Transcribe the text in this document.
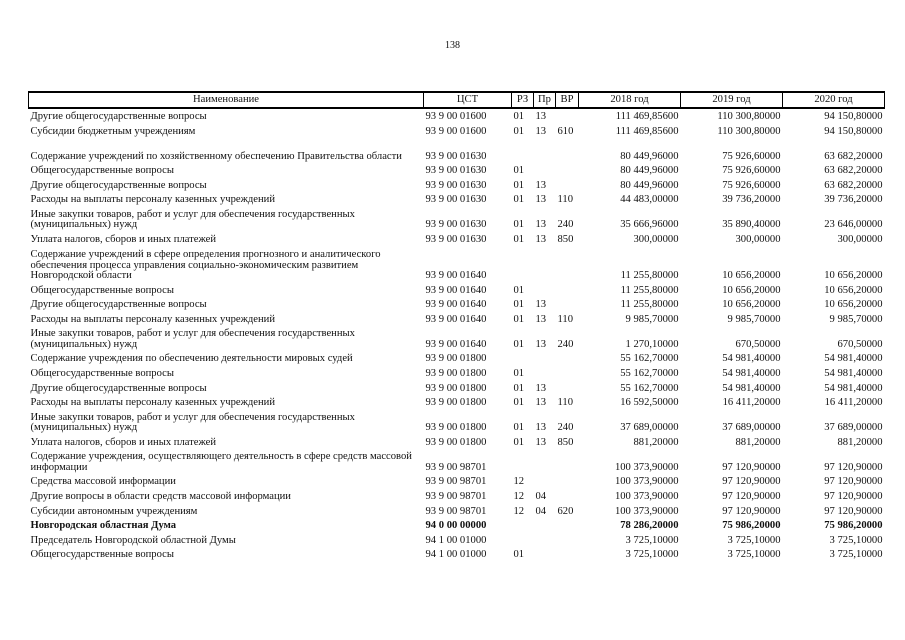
138
Наименование	ЦСТ	РЗ	Пр	ВР	2018 год	2019 год	2020 год
Другие общегосударственные вопросы	93 9 00 01600	01	13		111 469,85600	110 300,80000	94 150,80000
Субсидии бюджетным учреждениям	93 9 00 01600	01	13	610	111 469,85600	110 300,80000	94 150,80000
Содержание учреждений по хозяйственному обеспечению Правительства области	93 9 00 01630				80 449,96000	75 926,60000	63 682,20000
Общегосударственные вопросы	93 9 00 01630	01			80 449,96000	75 926,60000	63 682,20000
Другие общегосударственные вопросы	93 9 00 01630	01	13		80 449,96000	75 926,60000	63 682,20000
Расходы на выплаты персоналу казенных учреждений	93 9 00 01630	01	13	110	44 483,00000	39 736,20000	39 736,20000
Иные закупки товаров, работ и услуг для обеспечения государственных (муниципальных) нужд	93 9 00 01630	01	13	240	35 666,96000	35 890,40000	23 646,00000
Уплата налогов, сборов и иных платежей	93 9 00 01630	01	13	850	300,00000	300,00000	300,00000
Содержание учреждений в сфере определения прогнозного и аналитического обеспечения процесса управления социально-экономическим развитием Новгородской области	93 9 00 01640				11 255,80000	10 656,20000	10 656,20000
Общегосударственные вопросы	93 9 00 01640	01			11 255,80000	10 656,20000	10 656,20000
Другие общегосударственные вопросы	93 9 00 01640	01	13		11 255,80000	10 656,20000	10 656,20000
Расходы на выплаты персоналу казенных учреждений	93 9 00 01640	01	13	110	9 985,70000	9 985,70000	9 985,70000
Иные закупки товаров, работ и услуг для обеспечения государственных (муниципальных) нужд	93 9 00 01640	01	13	240	1 270,10000	670,50000	670,50000
Содержание учреждения по обеспечению деятельности мировых судей	93 9 00 01800				55 162,70000	54 981,40000	54 981,40000
Общегосударственные вопросы	93 9 00 01800	01			55 162,70000	54 981,40000	54 981,40000
Другие общегосударственные вопросы	93 9 00 01800	01	13		55 162,70000	54 981,40000	54 981,40000
Расходы на выплаты персоналу казенных учреждений	93 9 00 01800	01	13	110	16 592,50000	16 411,20000	16 411,20000
Иные закупки товаров, работ и услуг для обеспечения государственных (муниципальных) нужд	93 9 00 01800	01	13	240	37 689,00000	37 689,00000	37 689,00000
Уплата налогов, сборов и иных платежей	93 9 00 01800	01	13	850	881,20000	881,20000	881,20000
Содержание учреждения, осуществляющего деятельность в сфере средств массовой информации	93 9 00 98701				100 373,90000	97 120,90000	97 120,90000
Средства массовой информации	93 9 00 98701	12			100 373,90000	97 120,90000	97 120,90000
Другие вопросы в области средств массовой информации	93 9 00 98701	12	04		100 373,90000	97 120,90000	97 120,90000
Субсидии автономным учреждениям	93 9 00 98701	12	04	620	100 373,90000	97 120,90000	97 120,90000
Новгородская областная Дума	94 0 00 00000				78 286,20000	75 986,20000	75 986,20000
Председатель Новгородской областной Думы	94 1 00 01000				3 725,10000	3 725,10000	3 725,10000
Общегосударственные вопросы	94 1 00 01000	01			3 725,10000	3 725,10000	3 725,10000
